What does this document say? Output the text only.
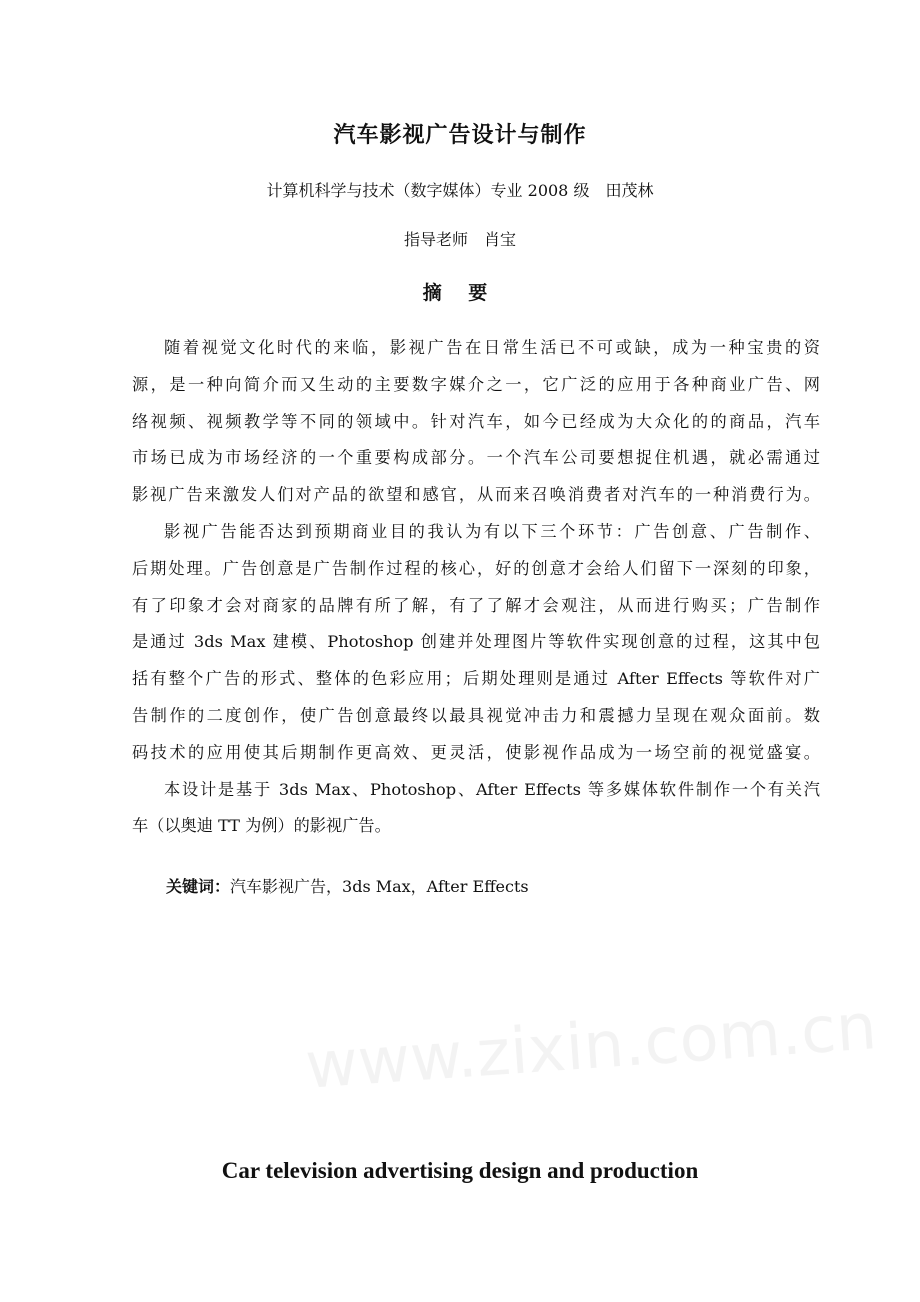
汽车影视广告设计与制作
计算机科学与技术（数字媒体）专业 2008 级　田茂林
指导老师　肖宝
摘 要
随着视觉文化时代的来临，影视广告在日常生活已不可或缺，成为一种宝贵的资
源，是一种向简介而又生动的主要数字媒介之一，它广泛的应用于各种商业广告、网
络视频、视频教学等不同的领域中。针对汽车，如今已经成为大众化的的商品，汽车
市场已成为市场经济的一个重要构成部分。一个汽车公司要想捉住机遇，就必需通过
影视广告来激发人们对产品的欲望和感官，从而来召唤消费者对汽车的一种消费行为。
影视广告能否达到预期商业目的我认为有以下三个环节：广告创意、广告制作、
后期处理。广告创意是广告制作过程的核心，好的创意才会给人们留下一深刻的印象，
有了印象才会对商家的品牌有所了解，有了了解才会观注，从而进行购买；广告制作
是通过 3ds Max 建模、Photoshop 创建并处理图片等软件实现创意的过程，这其中包
括有整个广告的形式、整体的色彩应用；后期处理则是通过 After Effects 等软件对广
告制作的二度创作，使广告创意最终以最具视觉冲击力和震撼力呈现在观众面前。数
码技术的应用使其后期制作更高效、更灵活，使影视作品成为一场空前的视觉盛宴。
本设计是基于 3ds Max、Photoshop、After Effects 等多媒体软件制作一个有关汽
车（以奥迪 TT 为例）的影视广告。
关键词：汽车影视广告，3ds Max，After Effects
Car television advertising design and production
